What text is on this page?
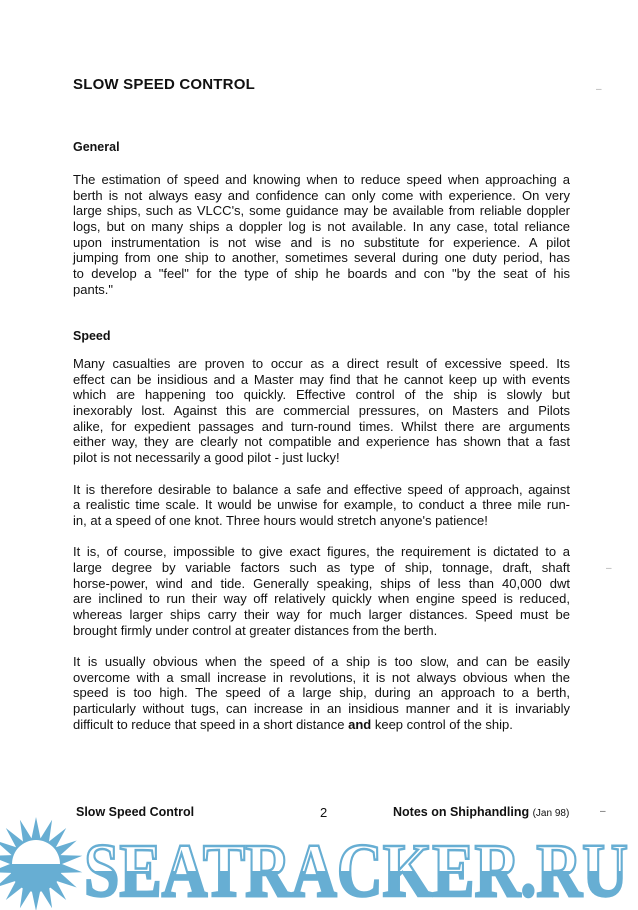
SLOW SPEED CONTROL
General
The estimation of speed and knowing when to reduce speed when approaching a
berth is not always easy and confidence can only come with experience. On very
large ships, such as VLCC's, some guidance may be available from reliable doppler
logs, but on many ships a doppler log is not available. In any case, total reliance
upon instrumentation is not wise and is no substitute for experience. A pilot
jumping from one ship to another, sometimes several during one duty period, has
to develop a "feel" for the type of ship he boards and con "by the seat of his
pants."
Speed
Many casualties are proven to occur as a direct result of excessive speed. Its
effect can be insidious and a Master may find that he cannot keep up with events
which are happening too quickly. Effective control of the ship is slowly but
inexorably lost. Against this are commercial pressures, on Masters and Pilots
alike, for expedient passages and turn-round times. Whilst there are arguments
either way, they are clearly not compatible and experience has shown that a fast
pilot is not necessarily a good pilot - just lucky!
It is therefore desirable to balance a safe and effective speed of approach, against
a realistic time scale. It would be unwise for example, to conduct a three mile run-
in, at a speed of one knot. Three hours would stretch anyone's patience!
It is, of course, impossible to give exact figures, the requirement is dictated to a
large degree by variable factors such as type of ship, tonnage, draft, shaft
horse-power, wind and tide. Generally speaking, ships of less than 40,000 dwt
are inclined to run their way off relatively quickly when engine speed is reduced,
whereas larger ships carry their way for much larger distances. Speed must be
brought firmly under control at greater distances from the berth.
It is usually obvious when the speed of a ship is too slow, and can be easily
overcome with a small increase in revolutions, it is not always obvious when the
speed is too high. The speed of a large ship, during an approach to a berth,
particularly without tugs, can increase in an insidious manner and it is invariably
difficult to reduce that speed in a short distance and keep control of the ship.
Slow Speed Control	2	Notes on Shiphandling (Jan 98)
–
–
–
SEATRACKER.RU
